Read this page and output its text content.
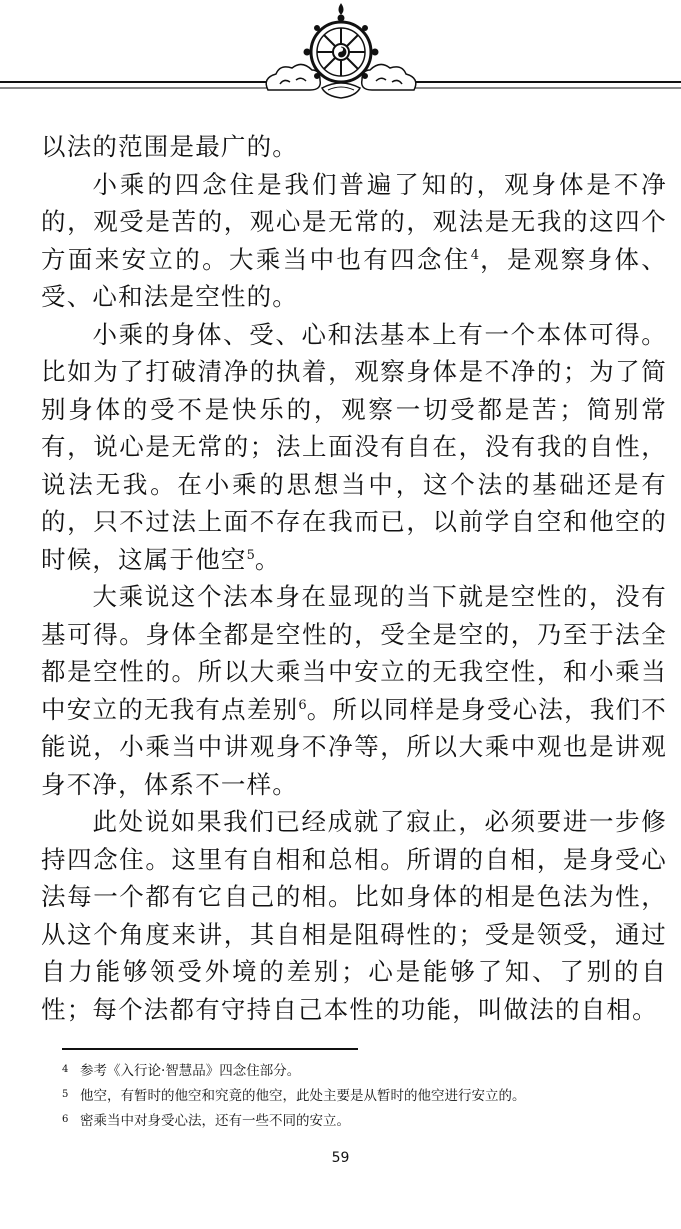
以法的范围是最广的。

小乘的四念住是我们普遍了知的，观身体是不净的，观受是苦的，观心是无常的，观法是无我的这四个方面来安立的。大乘当中也有四念住$^4$，是观察身体、受、心和法是空性的。

小乘的身体、受、心和法基本上有一个本体可得。比如为了打破清净的执着，观察身体是不净的；为了简别身体的受不是快乐的，观察一切受都是苦；简别常有，说心是无常的；法上面没有自在，没有我的自性，说法无我。在小乘的思想当中，这个法的基础还是有的，只不过法上面不存在我而已，以前学自空和他空的时候，这属于他空$^5$。

大乘说这个法本身在显现的当下就是空性的，没有基可得。身体全都是空性的，受全是空的，乃至于法全都是空性的。所以大乘当中安立的无我空性，和小乘当中安立的无我有点差别$^6$。所以同样是身受心法，我们不能说，小乘当中讲观身不净等，所以大乘中观也是讲观身不净，体系不一样。

此处说如果我们已经成就了寂止，必须要进一步修持四念住。这里有自相和总相。所谓的自相，是身受心法每一个都有它自己的相。比如身体的相是色法为性，从这个角度来讲，其自相是阻碍性的；受是领受，通过自力能够领受外境的差别；心是能够了知、了别的自性；每个法都有守持自己本性的功能，叫做法的自相。

4 参考《入行论·智慧品》四念住部分。
5 他空，有暂时的他空和究竟的他空，此处主要是从暂时的他空进行安立的。
6 密乘当中对身受心法，还有一些不同的安立。
59
